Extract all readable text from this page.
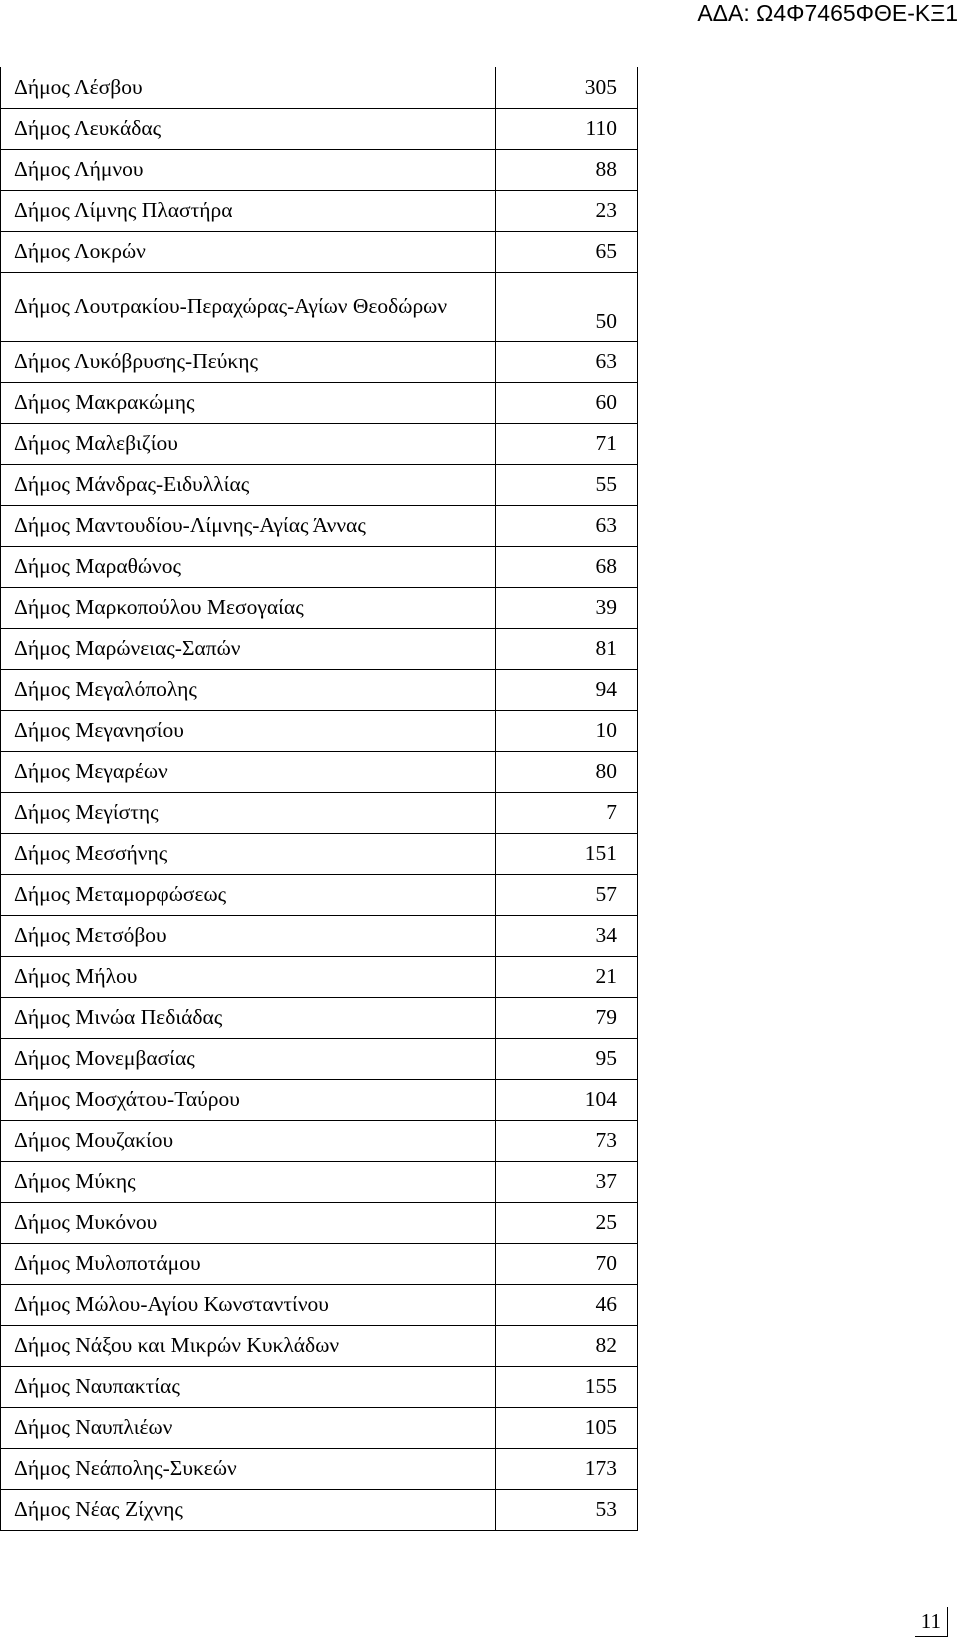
ΑΔΑ: Ω4Φ7465ΦΘΕ-ΚΞ1
Δήμος Λέσβου	305
Δήμος Λευκάδας	110
Δήμος Λήμνου	88
Δήμος Λίμνης Πλαστήρα	23
Δήμος Λοκρών	65
Δήμος Λουτρακίου-Περαχώρας-Αγίων Θεοδώρων	50
Δήμος Λυκόβρυσης-Πεύκης	63
Δήμος Μακρακώμης	60
Δήμος Μαλεβιζίου	71
Δήμος Μάνδρας-Ειδυλλίας	55
Δήμος Μαντουδίου-Λίμνης-Αγίας Άννας	63
Δήμος Μαραθώνος	68
Δήμος Μαρκοπούλου Μεσογαίας	39
Δήμος Μαρώνειας-Σαπών	81
Δήμος Μεγαλόπολης	94
Δήμος Μεγανησίου	10
Δήμος Μεγαρέων	80
Δήμος Μεγίστης	7
Δήμος Μεσσήνης	151
Δήμος Μεταμορφώσεως	57
Δήμος Μετσόβου	34
Δήμος Μήλου	21
Δήμος Μινώα Πεδιάδας	79
Δήμος Μονεμβασίας	95
Δήμος Μοσχάτου-Ταύρου	104
Δήμος Μουζακίου	73
Δήμος Μύκης	37
Δήμος Μυκόνου	25
Δήμος Μυλοποτάμου	70
Δήμος Μώλου-Αγίου Κωνσταντίνου	46
Δήμος Νάξου και Μικρών Κυκλάδων	82
Δήμος Ναυπακτίας	155
Δήμος Ναυπλιέων	105
Δήμος Νεάπολης-Συκεών	173
Δήμος Νέας Ζίχνης	53
11
